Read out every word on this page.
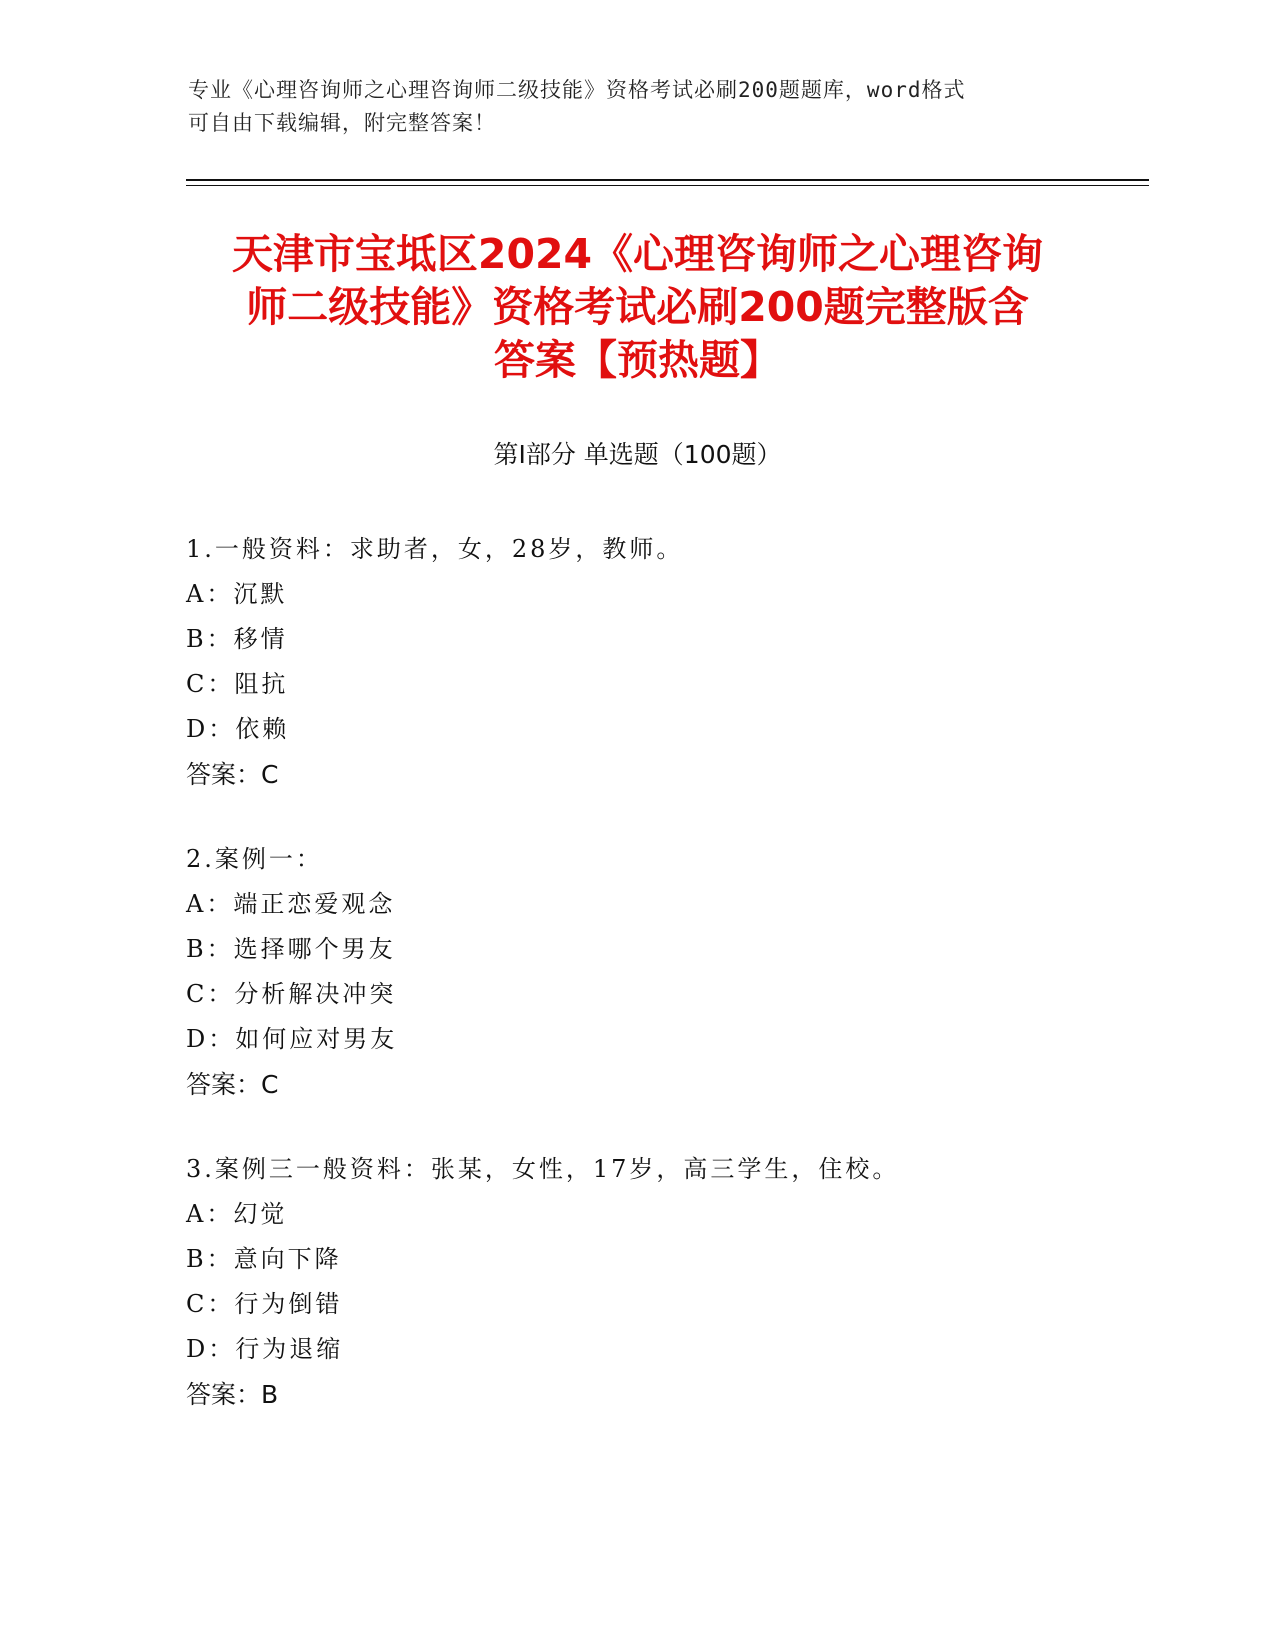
专业《心理咨询师之心理咨询师二级技能》资格考试必刷200题题库，word格式
可自由下载编辑，附完整答案！
天津市宝坻区2024《心理咨询师之心理咨询
师二级技能》资格考试必刷200题完整版含
答案【预热题】
第Ⅰ部分 单选题（100题）
1.一般资料：求助者，女，28岁，教师。
A：沉默
B：移情
C：阻抗
D：依赖
答案：C
2.案例一：
A：端正恋爱观念
B：选择哪个男友
C：分析解决冲突
D：如何应对男友
答案：C
3.案例三一般资料：张某，女性，17岁，高三学生，住校。
A：幻觉
B：意向下降
C：行为倒错
D：行为退缩
答案：B
